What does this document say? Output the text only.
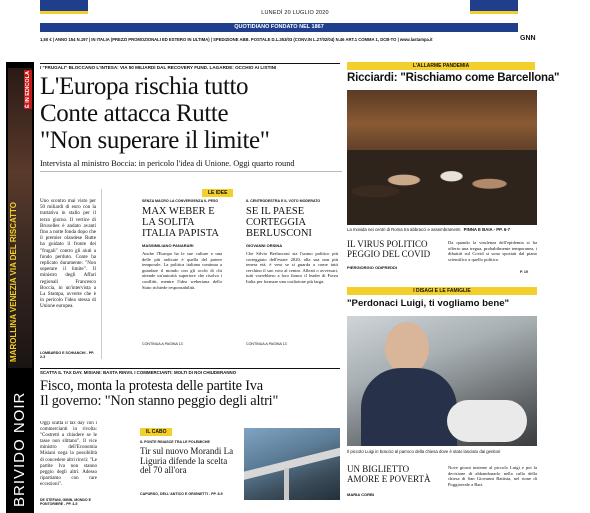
LUNEDÌ 20 LUGLIO 2020
QUOTIDIANO FONDATO NEL 1867
1,50 € | ANNO 154 N.197 | IN ITALIA (PREZZI PROMOZIONALI ED ESTERO IN ULTIMA) | SPEDIZIONE ABB. POSTALE D.L.353/03 (CONV.IN L.27/02/04) N.46 ART.1 COMMA 1, DCB-TO | www.lastampa.it	GNN
È IN EDICOLA
MAROLLINA VENEZIA VIA DEL RISCATTO
BRIVIDO NOIR
I "FRUGALI" BLOCCANO L'INTESA: VIA 50 MILIARDI DAL RECOVERY FUND. LAGARDE: OCCHIO AI LISTINI
L'Europa rischia tutto
Conte attacca Rutte
"Non superare il limite"
Intervista al ministro Boccia: in pericolo l'idea di Unione. Oggi quarto round
Uno scontro mai visto per 50 miliardi di euro con la trattativa in stallo per il terzo giorno. Il vertice di Bruxelles è andato avanti fino a notte fonda dopo che il premier olandese Rutte ha guidato il fronte dei "frugali" contro gli aiuti a fondo perduto. Conte ha replicato duramente: "Non superare il limite". Il ministro degli Affari regionali Francesco Boccia, in un'intervista a La Stampa, avverte che è in pericolo l'idea stessa di Unione europea.
LOMBARDO E SCHIANCHI - PP. 2-3
LE IDEE
SENZA MACRO LA CONVERGENZA IL PESO
MAX WEBER E LA SOLITA ITALIA PAPISTA
MASSIMILIANO PANARARI
Anche l'Europa ha le sue culture e una delle più radicate è quella del potere temporale. La politica italiana continua a guardare il mondo con gli occhi di chi attende un'autorità superiore che risolva i conflitti, mentre l'idea weberiana dello Stato richiede responsabilità.
CONTINUA A PAGINA 13
IL CENTRODESTRA E IL VOTO MODERATO
SE IL PAESE CORTEGGIA BERLUSCONI
GIOVANNI ORSINA
Che Silvio Berlusconi sia l'uomo politico più corteggiato dell'estate 2020, alla sua non più tenera età, è vero se si guarda a come tutti cerchino il suo voto al centro. Alleati o avversari, tutti vorrebbero a loro fianco il leader di Forza Italia per formare una coalizione più larga.
CONTINUA A PAGINA 13
SCATTA IL TAX DAY. MISIANI: BASTA RINVII. I COMMERCIANTI: MOLTI DI NOI CHIUDERANNO
Fisco, monta la protesta delle partite Iva
Il governo: "Non stanno peggio degli altri"
Oggi scatta il tax day con i commercianti in rivolta: "Costretti a chiudere se le tasse non slittano". Il vice ministro dell'Economia Misiani nega la possibilità di concedere altri rinvii: "Le partite Iva non stanno peggio degli altri. Adesso ripartiamo con rare eccezioni".
DE STEFANI, GIBIN, MONDO E PONTORIERE - PP. 4-5
IL CABO
IL PONTE RINASCE TRA LE POLEMICHE
Tir sul nuovo Morandi La Liguria difende la scelta del 70 all'ora
CAPURSO, DELL'ANTICO E GRIGNETTI - PP. 8-9
L'ALLARME PANDEMIA
Ricciardi: "Rischiamo come Barcellona"
La movida nei centri di Roma tra abbracci e assembramenti PINNA E BAIA - PP. 6-7
IL VIRUS POLITICO PEGGIO DEL COVID
PIERGIORGIO ODIFREDDI
Da quando la virulenza dell'epidemia si ha offerto una tregua, probabilmente temporanea, i dibattiti sul Covid si sono spostati dal piano scientifico a quello politico.
P. 19
I DISAGI E LE FAMIGLIE
"Perdonaci Luigi, ti vogliamo bene"
Il piccolo Luigi in braccio al parroco della chiesa dove è stato lasciato dai genitori
UN BIGLIETTO AMORE E POVERTÀ
MARIA CORBI
Nove giorni insieme al piccolo Luigi e poi la decisione di abbandonarlo nella culla della chiesa di San Giovanni Battista, nel rione di Poggioreale a Bari.
